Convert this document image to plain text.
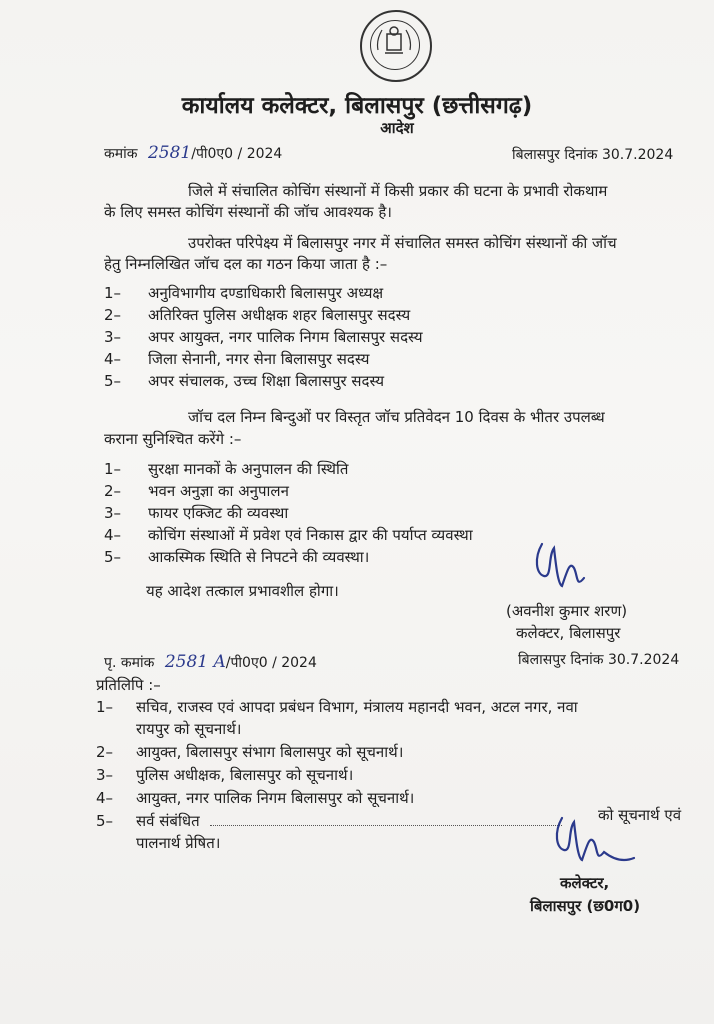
कार्यालय कलेक्टर, बिलासपुर (छत्तीसगढ़)
आदेश
कमांक 2581/पी0ए0 / 2024	बिलासपुर दिनांक 30.7.2024
जिले में संचालित कोचिंग संस्थानों में किसी प्रकार की घटना के प्रभावी रोकथाम
के लिए समस्त कोचिंग संस्थानों की जॉच आवश्यक है।
उपरोक्त परिपेक्ष्य में बिलासपुर नगर में संचालित समस्त कोचिंग संस्थानों की जॉच
हेतु निम्नलिखित जॉच दल का गठन किया जाता है :–
1– अनुविभागीय दण्डाधिकारी बिलासपुर अध्यक्ष
2– अतिरिक्त पुलिस अधीक्षक शहर बिलासपुर सदस्य
3– अपर आयुक्त, नगर पालिक निगम बिलासपुर सदस्य
4– जिला सेनानी, नगर सेना बिलासपुर सदस्य
5– अपर संचालक, उच्च शिक्षा बिलासपुर सदस्य
जॉच दल निम्न बिन्दुओं पर विस्तृत जॉच प्रतिवेदन 10 दिवस के भीतर उपलब्ध
कराना सुनिश्चित करेंगे :–
1– सुरक्षा मानकों के अनुपालन की स्थिति
2– भवन अनुज्ञा का अनुपालन
3– फायर एक्जिट की व्यवस्था
4– कोचिंग संस्थाओं में प्रवेश एवं निकास द्वार की पर्याप्त व्यवस्था
5– आकस्मिक स्थिति से निपटने की व्यवस्था।
यह आदेश तत्काल प्रभावशील होगा।
(अवनीश कुमार शरण)
कलेक्टर, बिलासपुर
पृ. कमांक 2581 A/पी0ए0 / 2024	बिलासपुर दिनांक 30.7.2024
प्रतिलिपि :–
1– सचिव, राजस्व एवं आपदा प्रबंधन विभाग, मंत्रालय महानदी भवन, अटल नगर, नवा
रायपुर को सूचनार्थ।
2– आयुक्त, बिलासपुर संभाग बिलासपुर को सूचनार्थ।
3– पुलिस अधीक्षक, बिलासपुर को सूचनार्थ।
4– आयुक्त, नगर पालिक निगम बिलासपुर को सूचनार्थ।
5– सर्व संबंधित	को सूचनार्थ एवं
पालनार्थ प्रेषित।
कलेक्टर,
बिलासपुर (छ0ग0)
